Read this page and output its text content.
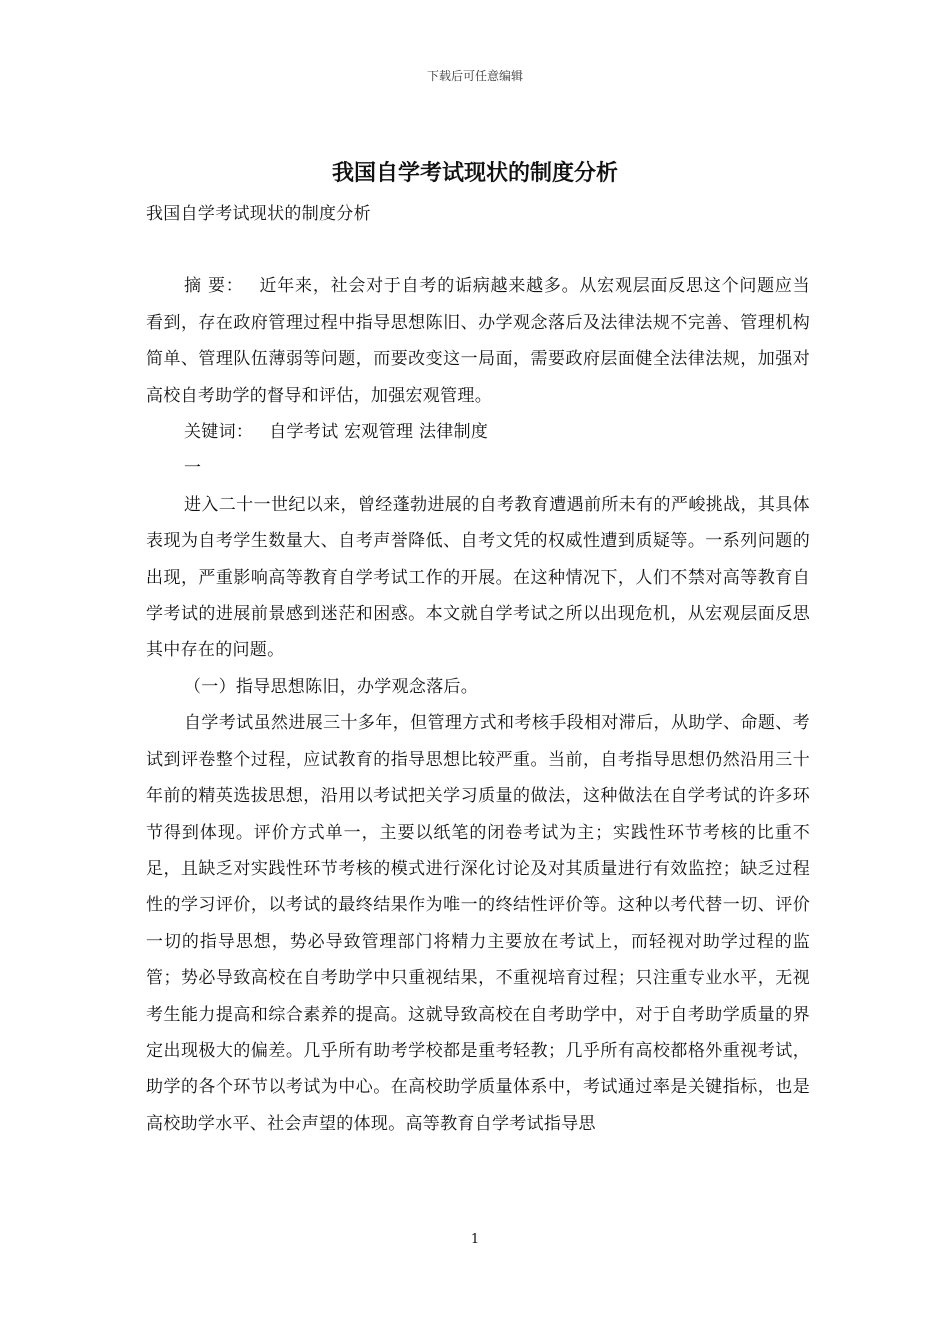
下载后可任意编辑
我国自学考试现状的制度分析

我国自学考试现状的制度分析

摘 要： 近年来，社会对于自考的诟病越来越多。从宏观层面反思这个问题应当看到，存在政府管理过程中指导思想陈旧、办学观念落后及法律法规不完善、管理机构简单、管理队伍薄弱等问题，而要改变这一局面，需要政府层面健全法律法规，加强对高校自考助学的督导和评估，加强宏观管理。

关键词： 自学考试 宏观管理 法律制度

一

进入二十一世纪以来，曾经蓬勃进展的自考教育遭遇前所未有的严峻挑战，其具体表现为自考学生数量大、自考声誉降低、自考文凭的权威性遭到质疑等。一系列问题的出现，严重影响高等教育自学考试工作的开展。在这种情况下，人们不禁对高等教育自学考试的进展前景感到迷茫和困惑。本文就自学考试之所以出现危机，从宏观层面反思其中存在的问题。

（一）指导思想陈旧，办学观念落后。

自学考试虽然进展三十多年，但管理方式和考核手段相对滞后，从助学、命题、考试到评卷整个过程，应试教育的指导思想比较严重。当前，自考指导思想仍然沿用三十年前的精英选拔思想，沿用以考试把关学习质量的做法，这种做法在自学考试的许多环节得到体现。评价方式单一，主要以纸笔的闭卷考试为主；实践性环节考核的比重不足，且缺乏对实践性环节考核的模式进行深化讨论及对其质量进行有效监控；缺乏过程性的学习评价，以考试的最终结果作为唯一的终结性评价等。这种以考代替一切、评价一切的指导思想，势必导致管理部门将精力主要放在考试上，而轻视对助学过程的监管；势必导致高校在自考助学中只重视结果，不重视培育过程；只注重专业水平，无视考生能力提高和综合素养的提高。这就导致高校在自考助学中，对于自考助学质量的界定出现极大的偏差。几乎所有助考学校都是重考轻教；几乎所有高校都格外重视考试，助学的各个环节以考试为中心。在高校助学质量体系中，考试通过率是关键指标，也是高校助学水平、社会声望的体现。高等教育自学考试指导思

1
